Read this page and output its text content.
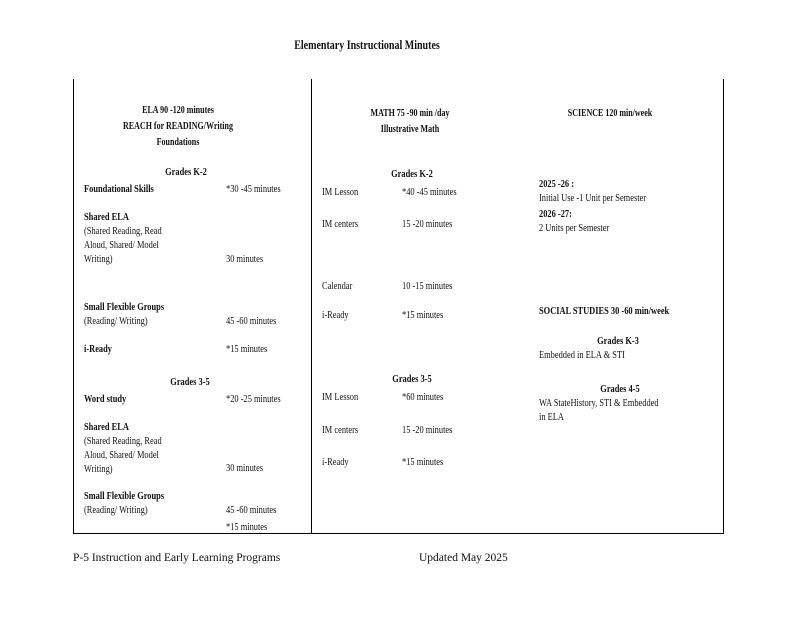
Elementary Instructional Minutes
ELA 90 -120 minutes
REACH for READING/Writing
Foundations
Grades K-2
Foundational Skills	*30 -45 minutes
Shared ELA
(Shared Reading, Read Aloud, Shared/ Model Writing)	30 minutes
Small Flexible Groups
(Reading/ Writing)	45 -60 minutes
i-Ready	*15 minutes
Grades 3-5
Word study	*20 -25 minutes
Shared ELA
(Shared Reading, Read Aloud, Shared/ Model Writing)	30 minutes
Small Flexible Groups
(Reading/ Writing)	45 -60 minutes
*15 minutes
MATH 75 -90 min /day
Illustrative Math
Grades K-2
IM Lesson	*40 -45 minutes
IM centers	15 -20 minutes
Calendar	10 -15 minutes
i-Ready	*15 minutes
Grades 3-5
IM Lesson	*60 minutes
IM centers	15 -20 minutes
i-Ready	*15 minutes
SCIENCE 120 min/week
2025 -26 :
Initial Use -1 Unit per Semester
2026 -27:
2 Units per Semester
SOCIAL STUDIES 30 -60 min/week
Grades K-3
Embedded in ELA & STI
Grades 4-5
WA StateHistory, STI & Embedded
in ELA
P-5 Instruction and Early Learning Programs	Updated May 2025
